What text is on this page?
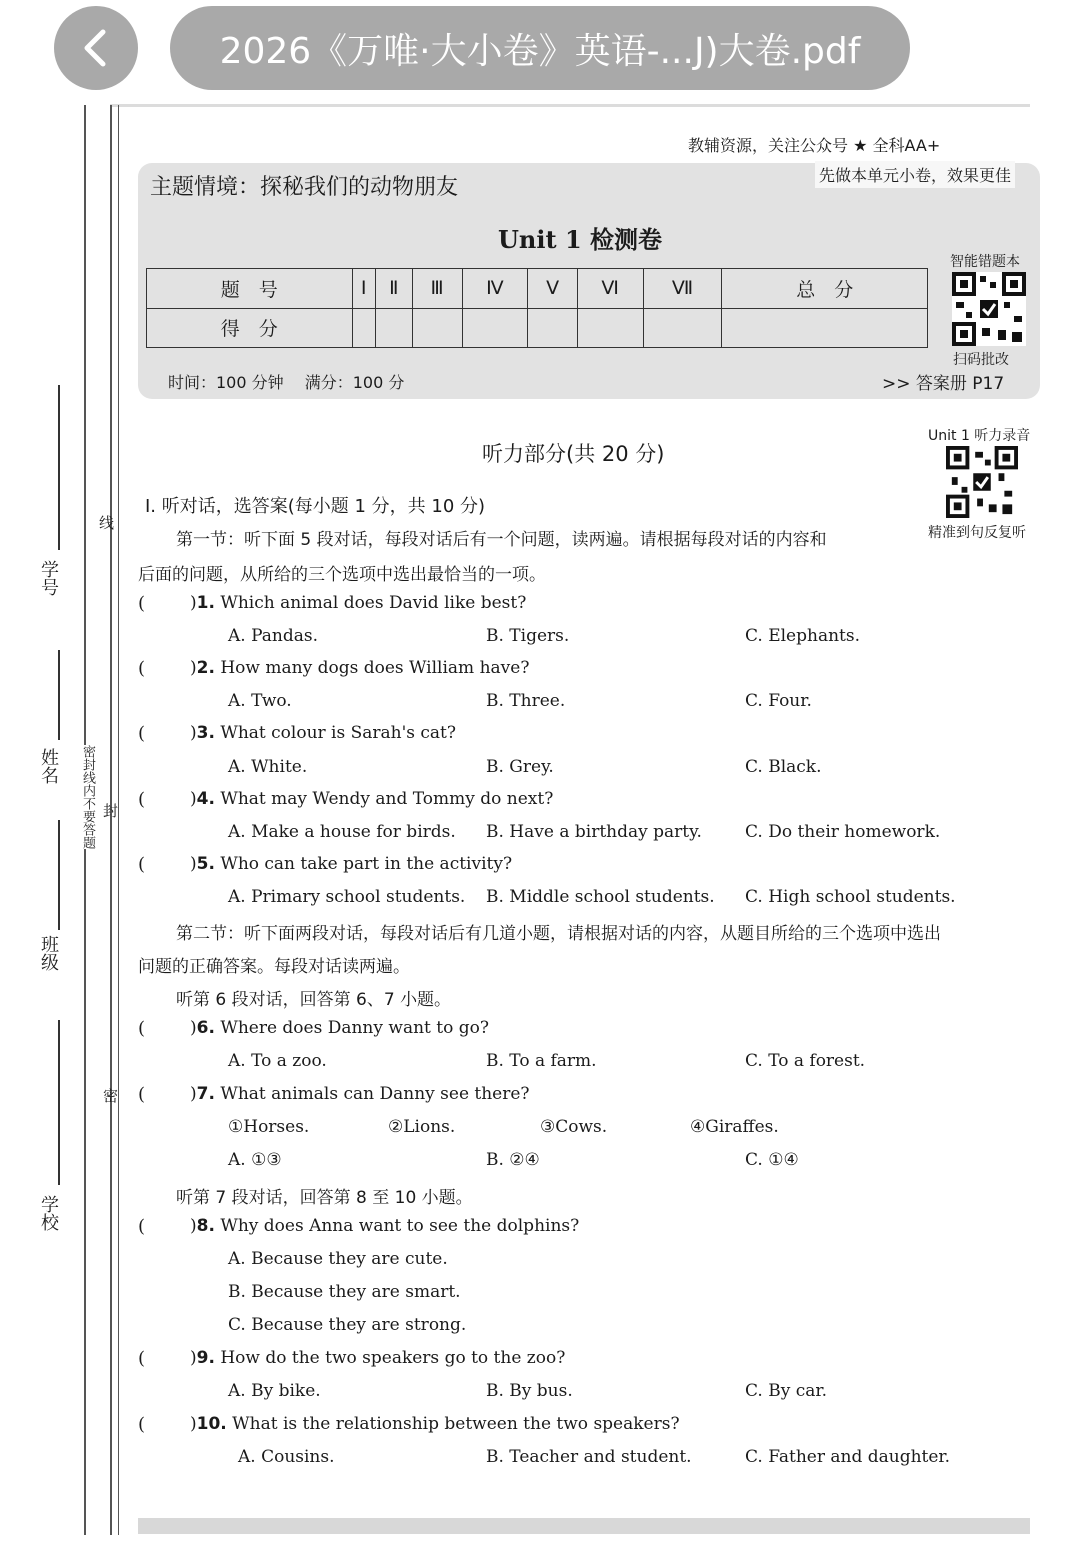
2026《万唯·大小卷》英语-...J)大卷.pdf
线
密封线内不要答题 封
密
学号
姓名
班级
学校
教辅资源，关注公众号 ★ 全科AA+
主题情境：探秘我们的动物朋友	先做本单元小卷，效果更佳
Unit 1 检测卷
题　号	Ⅰ	Ⅱ	Ⅲ	Ⅳ	Ⅴ	Ⅵ	Ⅶ	总　分
得　分								
时间：100 分钟　 满分：100 分	>> 答案册 P17
智能错题本
扫码批改
Unit 1 听力录音
精准到句反复听
听力部分(共 20 分)
Ⅰ. 听对话，选答案(每小题 1 分，共 10 分)
第一节：听下面 5 段对话，每段对话后有一个问题，读两遍。请根据每段对话的内容和
后面的问题，从所给的三个选项中选出最恰当的一项。
(	)1. Which animal does David like best?
A. Pandas.	B. Tigers.	C. Elephants.
(	)2. How many dogs does William have?
A. Two.	B. Three.	C. Four.
(	)3. What colour is Sarah's cat?
A. White.	B. Grey.	C. Black.
(	)4. What may Wendy and Tommy do next?
A. Make a house for birds. B. Have a birthday party.	C. Do their homework.
(	)5. Who can take part in the activity?
A. Primary school students. B. Middle school students. C. High school students.
第二节：听下面两段对话，每段对话后有几道小题，请根据对话的内容，从题目所给的三个选项中选出
问题的正确答案。每段对话读两遍。
听第 6 段对话，回答第 6、7 小题。
(	)6. Where does Danny want to go?
A. To a zoo.	B. To a farm.	C. To a forest.
(	)7. What animals can Danny see there?
①Horses.	②Lions.	③Cows.	④Giraffes.
A. ①③	B. ②④	C. ①④
听第 7 段对话，回答第 8 至 10 小题。
(	)8. Why does Anna want to see the dolphins?
A. Because they are cute.
B. Because they are smart.
C. Because they are strong.
(	)9. How do the two speakers go to the zoo?
A. By bike.	B. By bus.	C. By car.
(	)10. What is the relationship between the two speakers?
A. Cousins.	B. Teacher and student.	C. Father and daughter.
